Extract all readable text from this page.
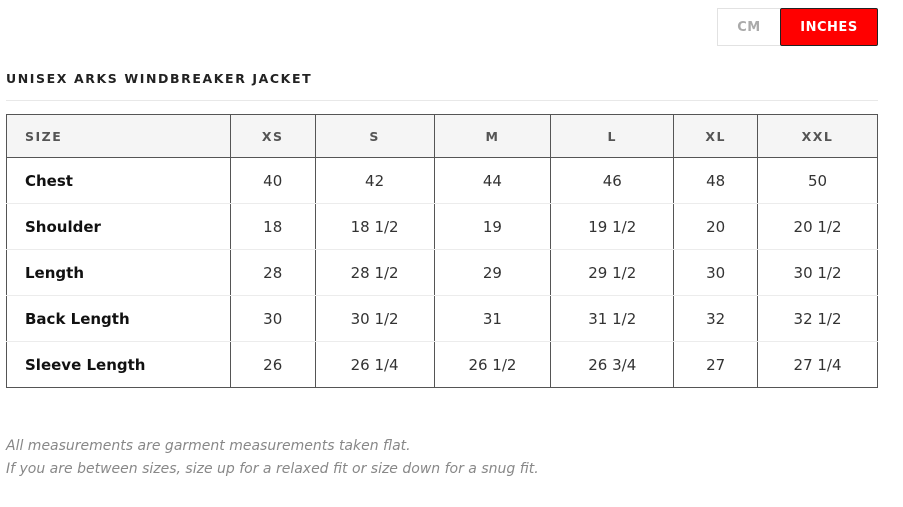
CM	INCHES
UNISEX ARKS WINDBREAKER JACKET
SIZE	XS	S	M	L	XL	XXL
Chest	40	42	44	46	48	50
Shoulder	18	18 1/2	19	19 1/2	20	20 1/2
Length	28	28 1/2	29	29 1/2	30	30 1/2
Back Length	30	30 1/2	31	31 1/2	32	32 1/2
Sleeve Length	26	26 1/4	26 1/2	26 3/4	27	27 1/4
All measurements are garment measurements taken flat.
If you are between sizes, size up for a relaxed fit or size down for a snug fit.
